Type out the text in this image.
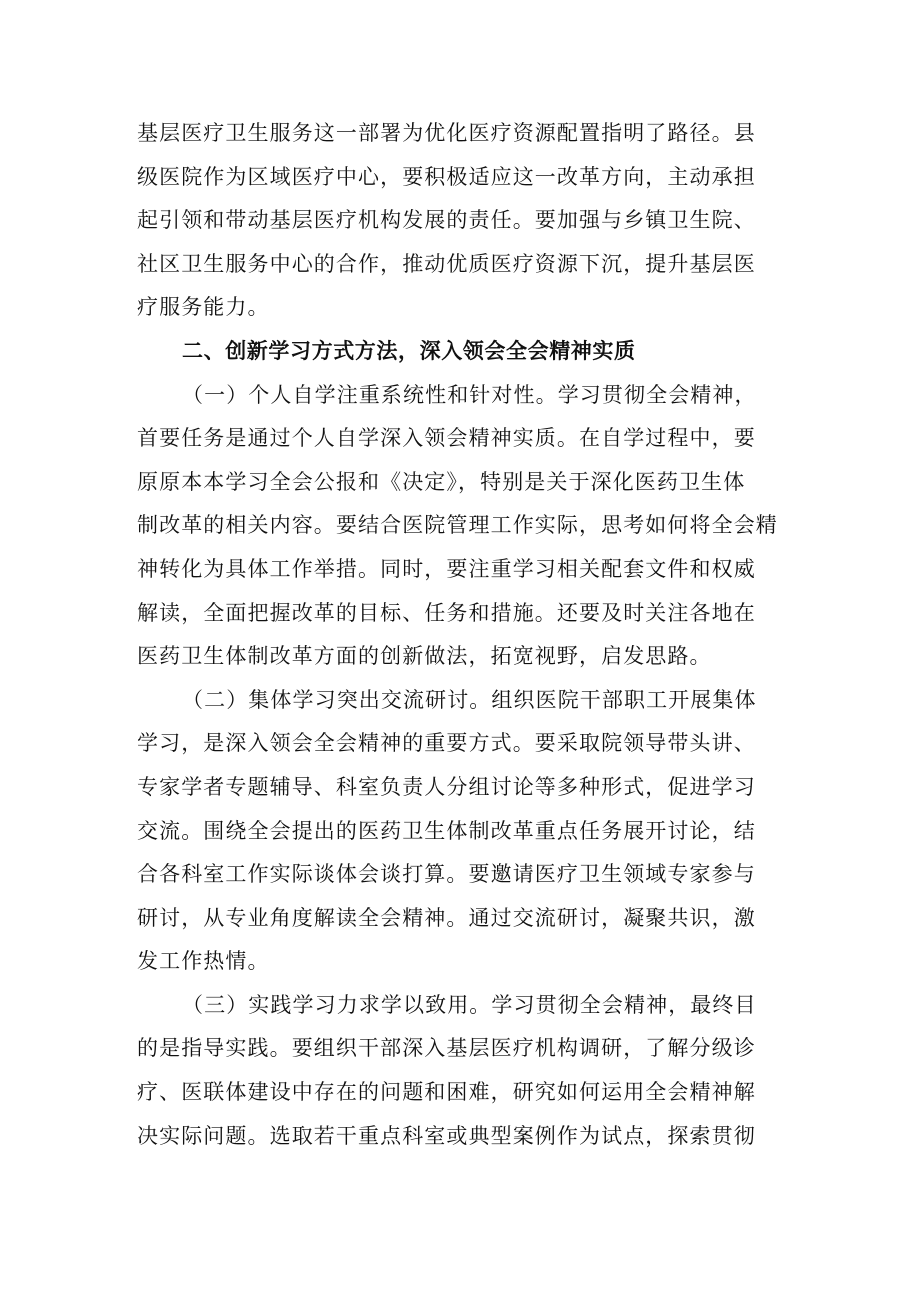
基层医疗卫生服务这一部署为优化医疗资源配置指明了路径。县
级医院作为区域医疗中心，要积极适应这一改革方向，主动承担
起引领和带动基层医疗机构发展的责任。要加强与乡镇卫生院、
社区卫生服务中心的合作，推动优质医疗资源下沉，提升基层医
疗服务能力。
二、创新学习方式方法，深入领会全会精神实质
（一）个人自学注重系统性和针对性。学习贯彻全会精神，
首要任务是通过个人自学深入领会精神实质。在自学过程中，要
原原本本学习全会公报和《决定》，特别是关于深化医药卫生体
制改革的相关内容。要结合医院管理工作实际，思考如何将全会精
神转化为具体工作举措。同时，要注重学习相关配套文件和权威
解读，全面把握改革的目标、任务和措施。还要及时关注各地在
医药卫生体制改革方面的创新做法，拓宽视野，启发思路。
（二）集体学习突出交流研讨。组织医院干部职工开展集体
学习，是深入领会全会精神的重要方式。要采取院领导带头讲、
专家学者专题辅导、科室负责人分组讨论等多种形式，促进学习
交流。围绕全会提出的医药卫生体制改革重点任务展开讨论，结
合各科室工作实际谈体会谈打算。要邀请医疗卫生领域专家参与
研讨，从专业角度解读全会精神。通过交流研讨，凝聚共识，激
发工作热情。
（三）实践学习力求学以致用。学习贯彻全会精神，最终目
的是指导实践。要组织干部深入基层医疗机构调研，了解分级诊
疗、医联体建设中存在的问题和困难，研究如何运用全会精神解
决实际问题。选取若干重点科室或典型案例作为试点，探索贯彻
